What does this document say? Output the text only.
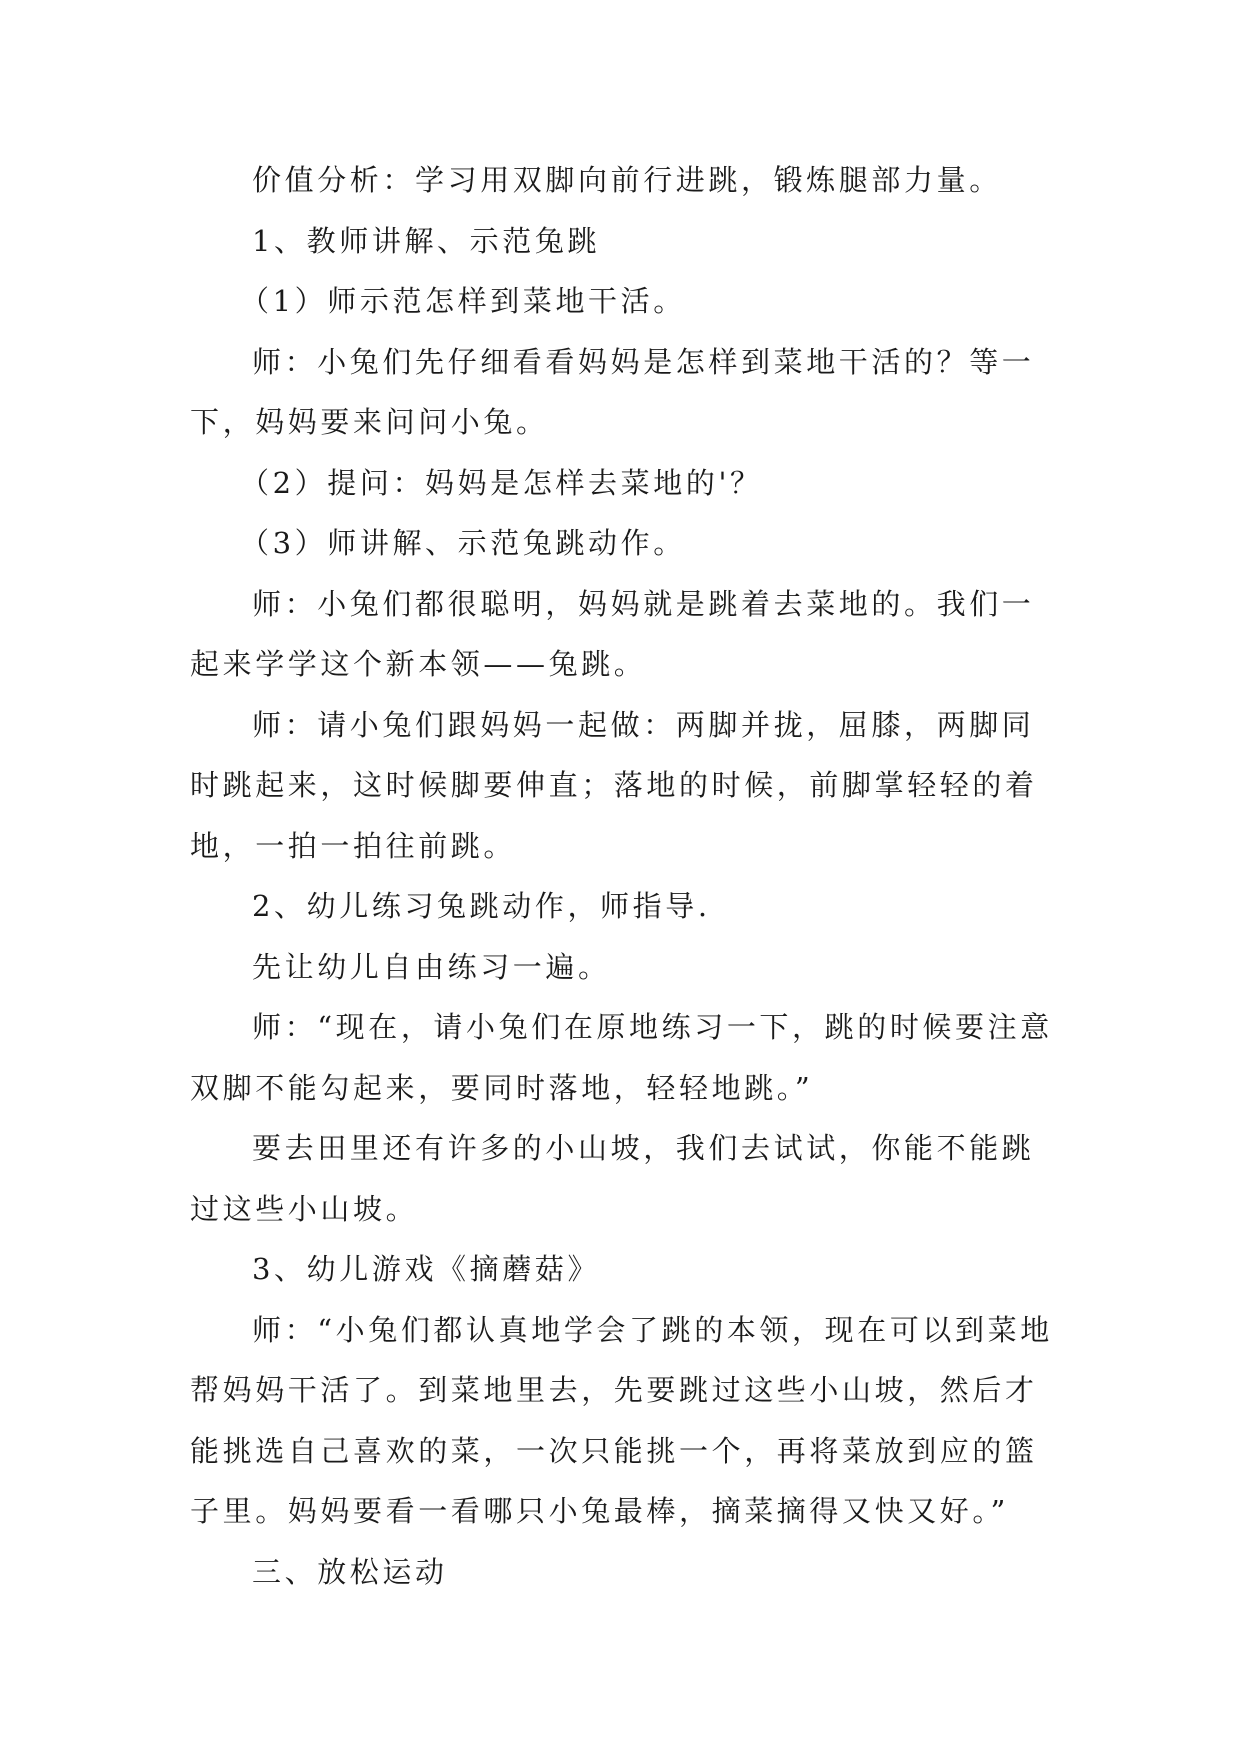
价值分析：学习用双脚向前行进跳，锻炼腿部力量。

1、教师讲解、示范兔跳

（1）师示范怎样到菜地干活。

师：小兔们先仔细看看妈妈是怎样到菜地干活的？等一下，妈妈要来问问小兔。

（2）提问：妈妈是怎样去菜地的'？

（3）师讲解、示范兔跳动作。

师：小兔们都很聪明，妈妈就是跳着去菜地的。我们一起来学学这个新本领——兔跳。

师：请小兔们跟妈妈一起做：两脚并拢，屈膝，两脚同时跳起来，这时候脚要伸直；落地的时候，前脚掌轻轻的着地，一拍一拍往前跳。

2、幼儿练习兔跳动作，师指导.

先让幼儿自由练习一遍。

师：“现在，请小兔们在原地练习一下，跳的时候要注意双脚不能勾起来，要同时落地，轻轻地跳。”

要去田里还有许多的小山坡，我们去试试，你能不能跳过这些小山坡。

3、幼儿游戏《摘蘑菇》

师：“小兔们都认真地学会了跳的本领，现在可以到菜地帮妈妈干活了。到菜地里去，先要跳过这些小山坡，然后才能挑选自己喜欢的菜，一次只能挑一个，再将菜放到应的篮子里。妈妈要看一看哪只小兔最棒，摘菜摘得又快又好。”

三、放松运动
